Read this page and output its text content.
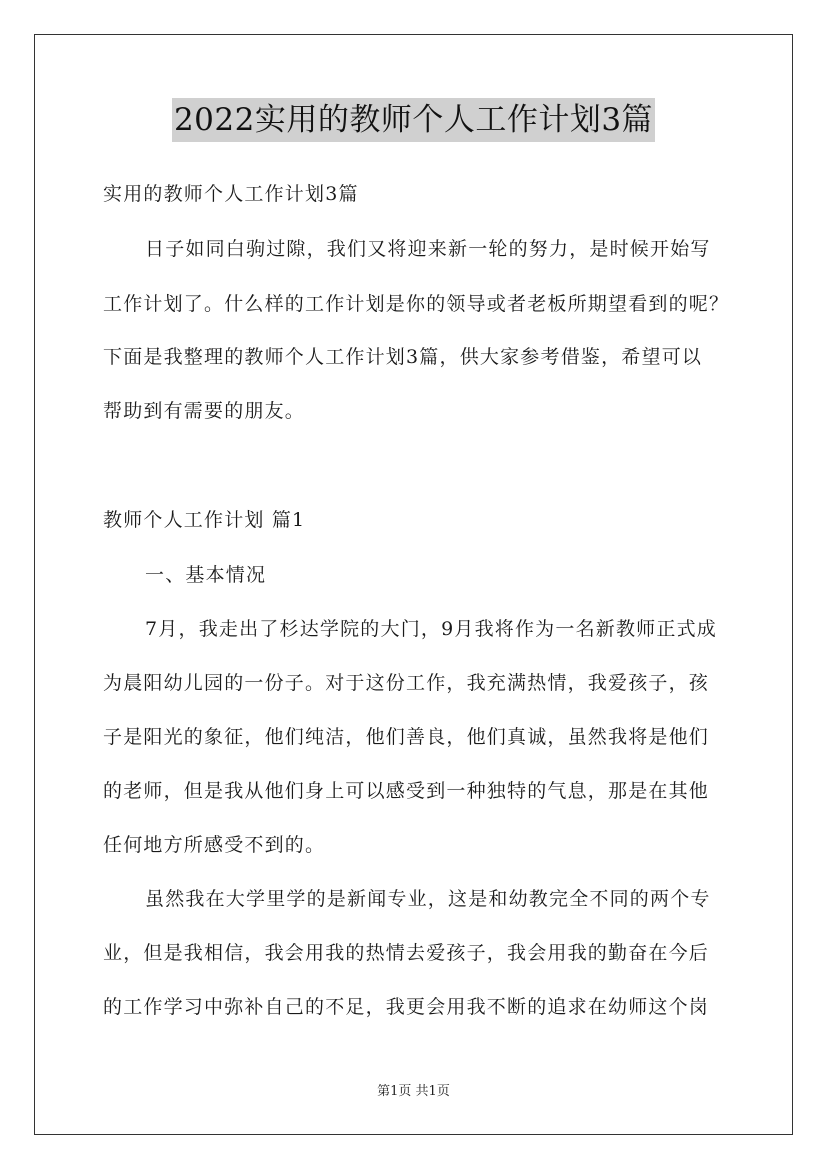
2022实用的教师个人工作计划3篇
实用的教师个人工作计划3篇
日子如同白驹过隙，我们又将迎来新一轮的努力，是时候开始写
工作计划了。什么样的工作计划是你的领导或者老板所期望看到的呢？
下面是我整理的教师个人工作计划3篇，供大家参考借鉴，希望可以
帮助到有需要的朋友。
教师个人工作计划 篇1
一、基本情况
7月，我走出了杉达学院的大门，9月我将作为一名新教师正式成
为晨阳幼儿园的一份子。对于这份工作，我充满热情，我爱孩子，孩
子是阳光的象征，他们纯洁，他们善良，他们真诚，虽然我将是他们
的老师，但是我从他们身上可以感受到一种独特的气息，那是在其他
任何地方所感受不到的。
虽然我在大学里学的是新闻专业，这是和幼教完全不同的两个专
业，但是我相信，我会用我的热情去爱孩子，我会用我的勤奋在今后
的工作学习中弥补自己的不足，我更会用我不断的追求在幼师这个岗
第1页 共1页
